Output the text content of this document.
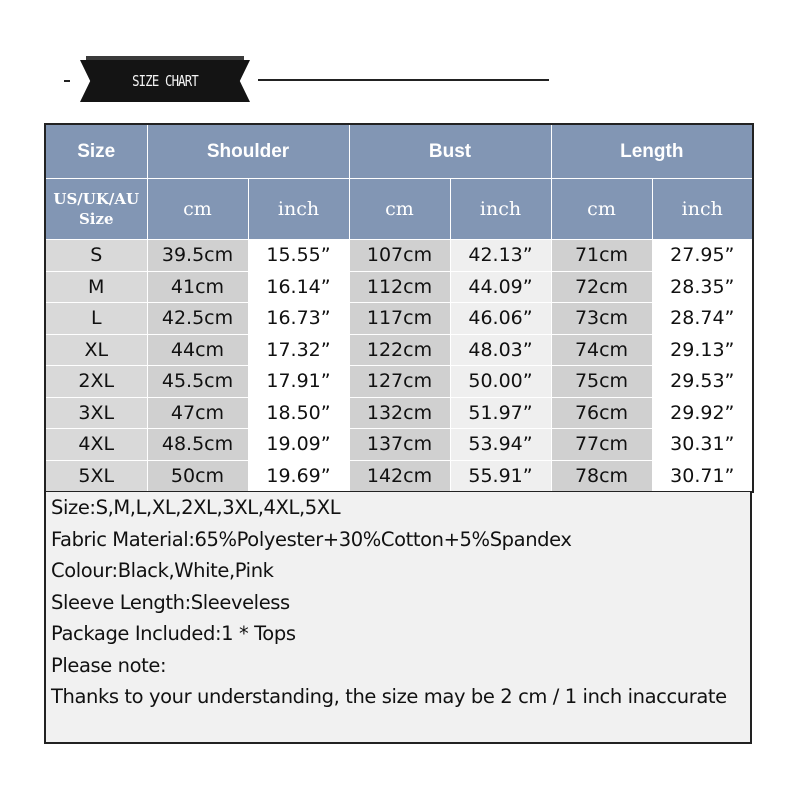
SIZE CHART
Size	Shoulder		Bust		Length	

US/UK/AU
Size	cm	inch	cm	inch	cm	inch
S	39.5cm	15.55”	107cm	42.13”	71cm	27.95”
M	41cm	16.14”	112cm	44.09”	72cm	28.35”
L	42.5cm	16.73”	117cm	46.06”	73cm	28.74”
XL	44cm	17.32”	122cm	48.03”	74cm	29.13”
2XL	45.5cm	17.91”	127cm	50.00”	75cm	29.53”
3XL	47cm	18.50”	132cm	51.97”	76cm	29.92”
4XL	48.5cm	19.09”	137cm	53.94”	77cm	30.31”
5XL	50cm	19.69”	142cm	55.91”	78cm	30.71”
Size:S,M,L,XL,2XL,3XL,4XL,5XL
Fabric Material:65%Polyester+30%Cotton+5%Spandex
Colour:Black,White,Pink
Sleeve Length:Sleeveless
Package Included:1 * Tops
Please note:
Thanks to your understanding, the size may be 2 cm / 1 inch inaccurate
